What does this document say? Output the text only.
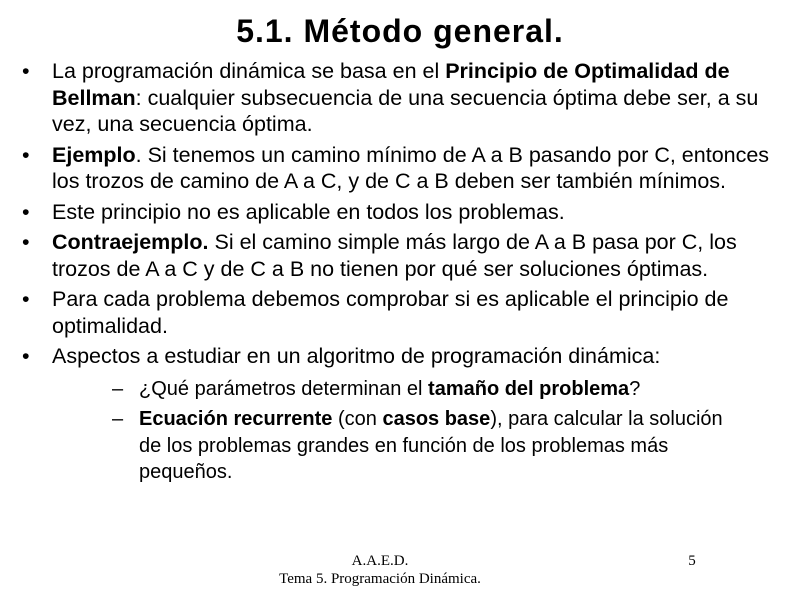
5.1. Método general.
• La programación dinámica se basa en el Principio de Optimalidad de Bellman: cualquier subsecuencia de una secuencia óptima debe ser, a su vez, una secuencia óptima.
• Ejemplo. Si tenemos un camino mínimo de A a B pasando por C, entonces los trozos de camino de A a C, y de C a B deben ser también mínimos.
• Este principio no es aplicable en todos los problemas.
• Contraejemplo. Si el camino simple más largo de A a B pasa por C, los trozos de A a C y de C a B no tienen por qué ser soluciones óptimas.
• Para cada problema debemos comprobar si es aplicable el principio de optimalidad.
• Aspectos a estudiar en un algoritmo de programación dinámica:
– ¿Qué parámetros determinan el tamaño del problema?
– Ecuación recurrente (con casos base), para calcular la solución de los problemas grandes en función de los problemas más pequeños.
A.A.E.D.
Tema 5. Programación Dinámica.
5
